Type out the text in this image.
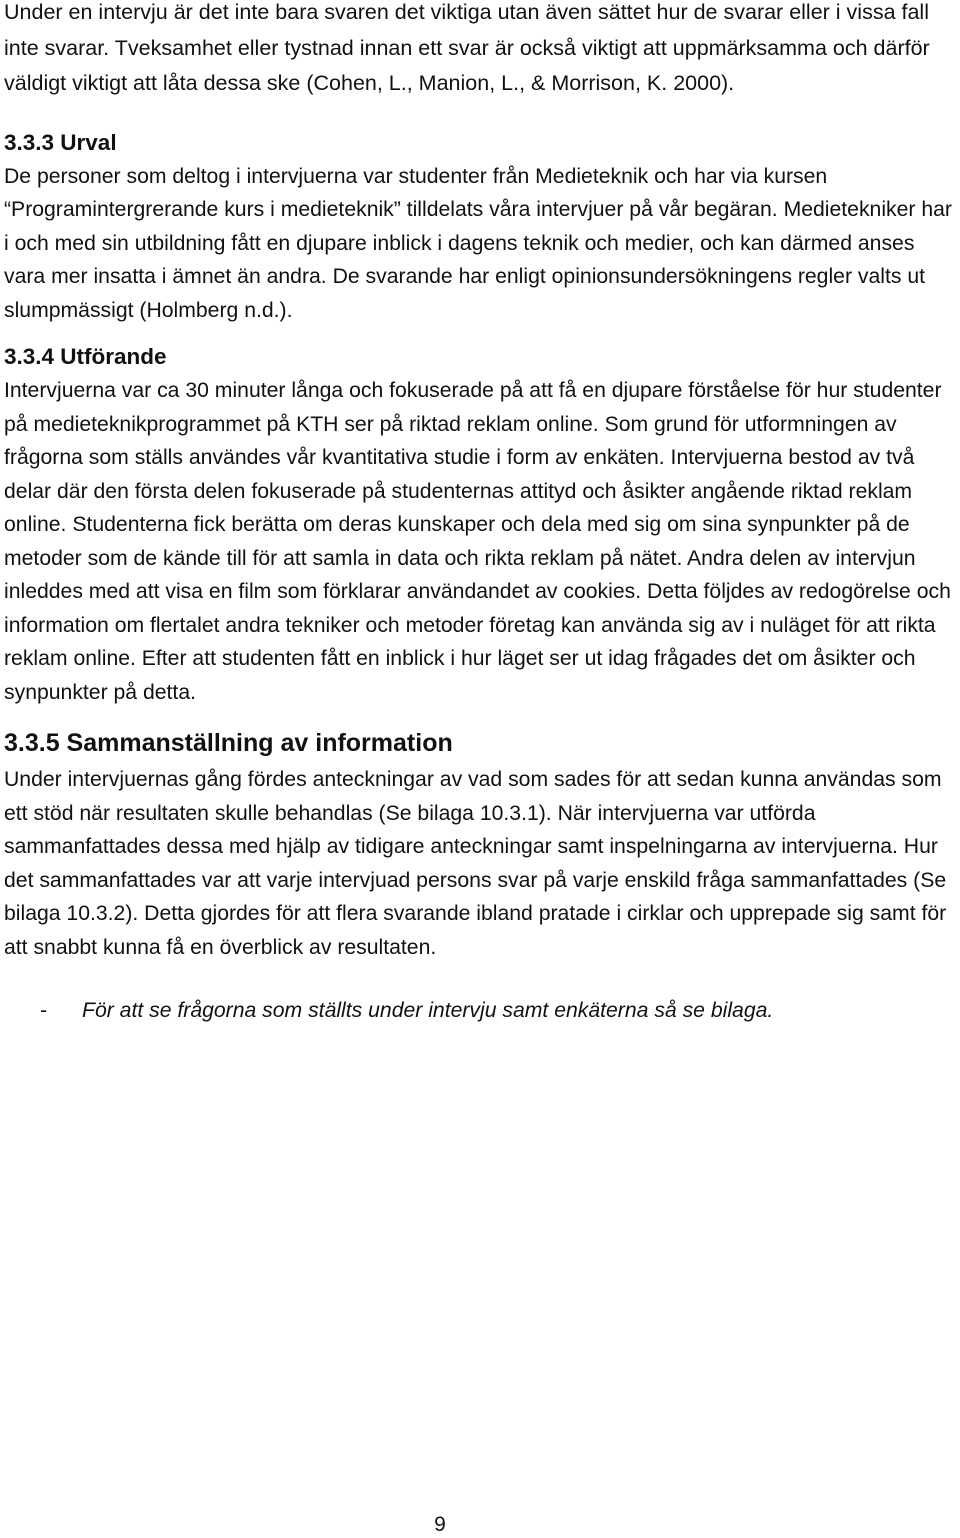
Under en intervju är det inte bara svaren det viktiga utan även sättet hur de svarar eller i vissa fall inte svarar. Tveksamhet eller tystnad innan ett svar är också viktigt att uppmärksamma och därför väldigt viktigt att låta dessa ske (Cohen, L., Manion, L., & Morrison, K. 2000).

3.3.3 Urval

De personer som deltog i intervjuerna var studenter från Medieteknik och har via kursen “Programintergrerande kurs i medieteknik” tilldelats våra intervjuer på vår begäran. Medietekniker har i och med sin utbildning fått en djupare inblick i dagens teknik och medier, och kan därmed anses vara mer insatta i ämnet än andra. De svarande har enligt opinionsundersökningens regler valts ut slumpmässigt (Holmberg n.d.).

3.3.4 Utförande

Intervjuerna var ca 30 minuter långa och fokuserade på att få en djupare förståelse för hur studenter på medieteknikprogrammet på KTH ser på riktad reklam online. Som grund för utformningen av frågorna som ställs användes vår kvantitativa studie i form av enkäten. Intervjuerna bestod av två delar där den första delen fokuserade på studenternas attityd och åsikter angående riktad reklam online. Studenterna fick berätta om deras kunskaper och dela med sig om sina synpunkter på de metoder som de kände till för att samla in data och rikta reklam på nätet. Andra delen av intervjun inleddes med att visa en film som förklarar användandet av cookies. Detta följdes av redogörelse och information om flertalet andra tekniker och metoder företag kan använda sig av i nuläget för att rikta reklam online. Efter att studenten fått en inblick i hur läget ser ut idag frågades det om åsikter och synpunkter på detta.

3.3.5 Sammanställning av information

Under intervjuernas gång fördes anteckningar av vad som sades för att sedan kunna användas som ett stöd när resultaten skulle behandlas (Se bilaga 10.3.1). När intervjuerna var utförda sammanfattades dessa med hjälp av tidigare anteckningar samt inspelningarna av intervjuerna. Hur det sammanfattades var att varje intervjuad persons svar på varje enskild fråga sammanfattades (Se bilaga 10.3.2). Detta gjordes för att flera svarande ibland pratade i cirklar och upprepade sig samt för att snabbt kunna få en överblick av resultaten.

-	För att se frågorna som ställts under intervju samt enkäterna så se bilaga.
9
